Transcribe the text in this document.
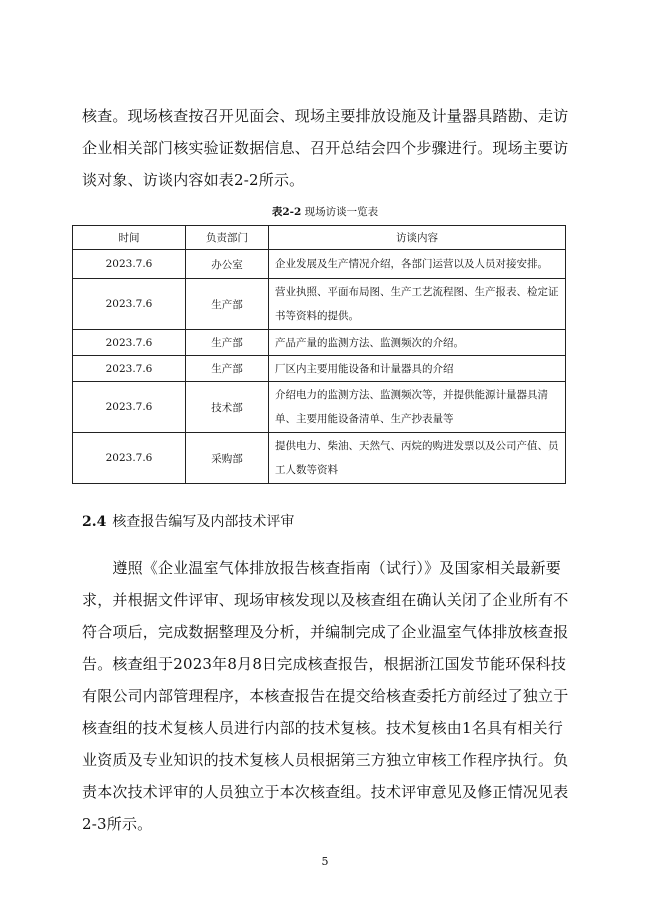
核查。现场核查按召开见面会、现场主要排放设施及计量器具踏勘、走访企业相关部门核实验证数据信息、召开总结会四个步骤进行。现场主要访谈对象、访谈内容如表2-2所示。

表2-2 现场访谈一览表
时间	负责部门	访谈内容
2023.7.6	办公室	企业发展及生产情况介绍，各部门运营以及人员对接安排。
2023.7.6	生产部	营业执照、平面布局图、生产工艺流程图、生产报表、检定证书等资料的提供。
2023.7.6	生产部	产品产量的监测方法、监测频次的介绍。
2023.7.6	生产部	厂区内主要用能设备和计量器具的介绍
2023.7.6	技术部	介绍电力的监测方法、监测频次等，并提供能源计量器具清单、主要用能设备清单、生产抄表量等
2023.7.6	采购部	提供电力、柴油、天然气、丙烷的购进发票以及公司产值、员工人数等资料
2.4 核查报告编写及内部技术评审

　　遵照《企业温室气体排放报告核查指南（试行）》及国家相关最新要求，并根据文件评审、现场审核发现以及核查组在确认关闭了企业所有不符合项后，完成数据整理及分析，并编制完成了企业温室气体排放核查报告。核查组于2023年8月8日完成核查报告，根据浙江国发节能环保科技有限公司内部管理程序，本核查报告在提交给核查委托方前经过了独立于核查组的技术复核人员进行内部的技术复核。技术复核由1名具有相关行业资质及专业知识的技术复核人员根据第三方独立审核工作程序执行。负责本次技术评审的人员独立于本次核查组。技术评审意见及修正情况见表2-3所示。

5
